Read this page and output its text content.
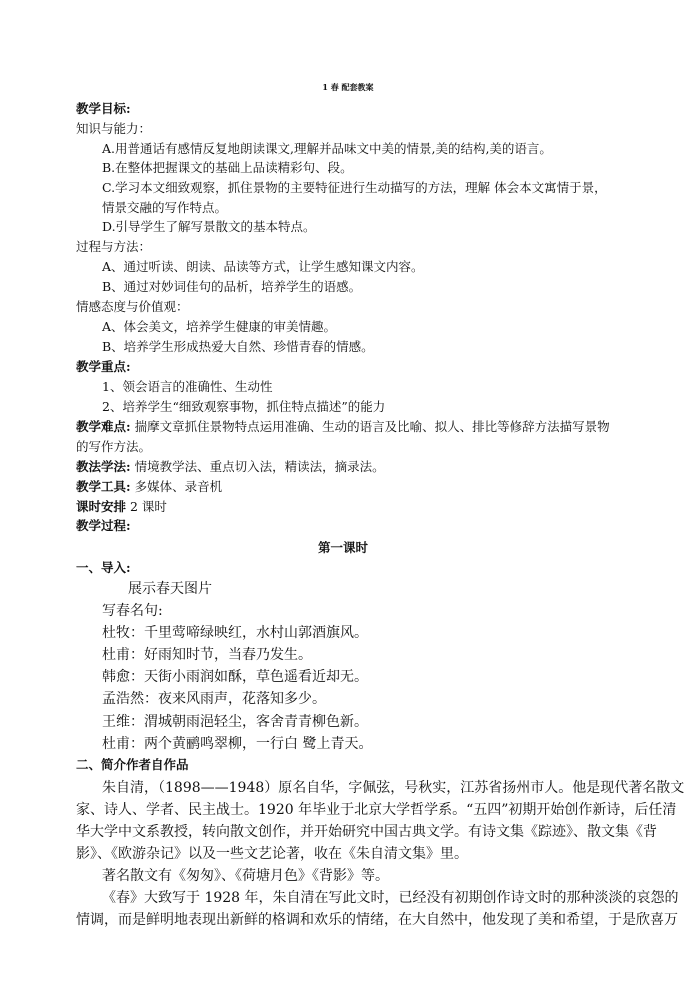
1 春 配套教案
教学目标:
知识与能力：
A.用普通话有感情反复地朗读课文,理解并品味文中美的情景,美的结构,美的语言。
B.在整体把握课文的基础上品读精彩句、段。
C.学习本文细致观察，抓住景物的主要特征进行生动描写的方法，理解 体会本文寓情于景，
情景交融的写作特点。
D.引导学生了解写景散文的基本特点。
过程与方法：
A、通过听读、朗读、品读等方式，让学生感知课文内容。
B、通过对妙词佳句的品析，培养学生的语感。
情感态度与价值观：
A、体会美文，培养学生健康的审美情趣。
B、培养学生形成热爱大自然、珍惜青春的情感。
教学重点:
1、领会语言的准确性、生动性
2、培养学生“细致观察事物，抓住特点描述”的能力
教学难点: 揣摩文章抓住景物特点运用准确、生动的语言及比喻、拟人、排比等修辞方法描写景物
的写作方法。
教法学法: 情境教学法、重点切入法，精读法，摘录法。
教学工具: 多媒体、录音机
课时安排 2 课时
教学过程:
第一课时
一、导入:
展示春天图片
写春名句:
杜牧：千里莺啼绿映红，水村山郭酒旗风。
杜甫：好雨知时节，当春乃发生。
韩愈：天街小雨润如酥，草色遥看近却无。
孟浩然：夜来风雨声，花落知多少。
王维：渭城朝雨浥轻尘，客舍青青柳色新。
杜甫：两个黄鹂鸣翠柳，一行白 鹭上青天。
二、简介作者自作品
朱自清，（1898——1948）原名自华，字佩弦，号秋实，江苏省扬州市人。他是现代著名散文
家、诗人、学者、民主战士。1920 年毕业于北京大学哲学系。“五四”初期开始创作新诗，后任清
华大学中文系教授，转向散文创作，并开始研究中国古典文学。有诗文集《踪迹》、散文集《背
影》、《欧游杂记》以及一些文艺论著，收在《朱自清文集》里。
著名散文有《匆匆》、《荷塘月色》《背影》等。
《春》大致写于 1928 年，朱自清在写此文时，已经没有初期创作诗文时的那种淡淡的哀怨的
情调，而是鲜明地表现出新鲜的格调和欢乐的情绪，在大自然中，他发现了美和希望，于是欣喜万
